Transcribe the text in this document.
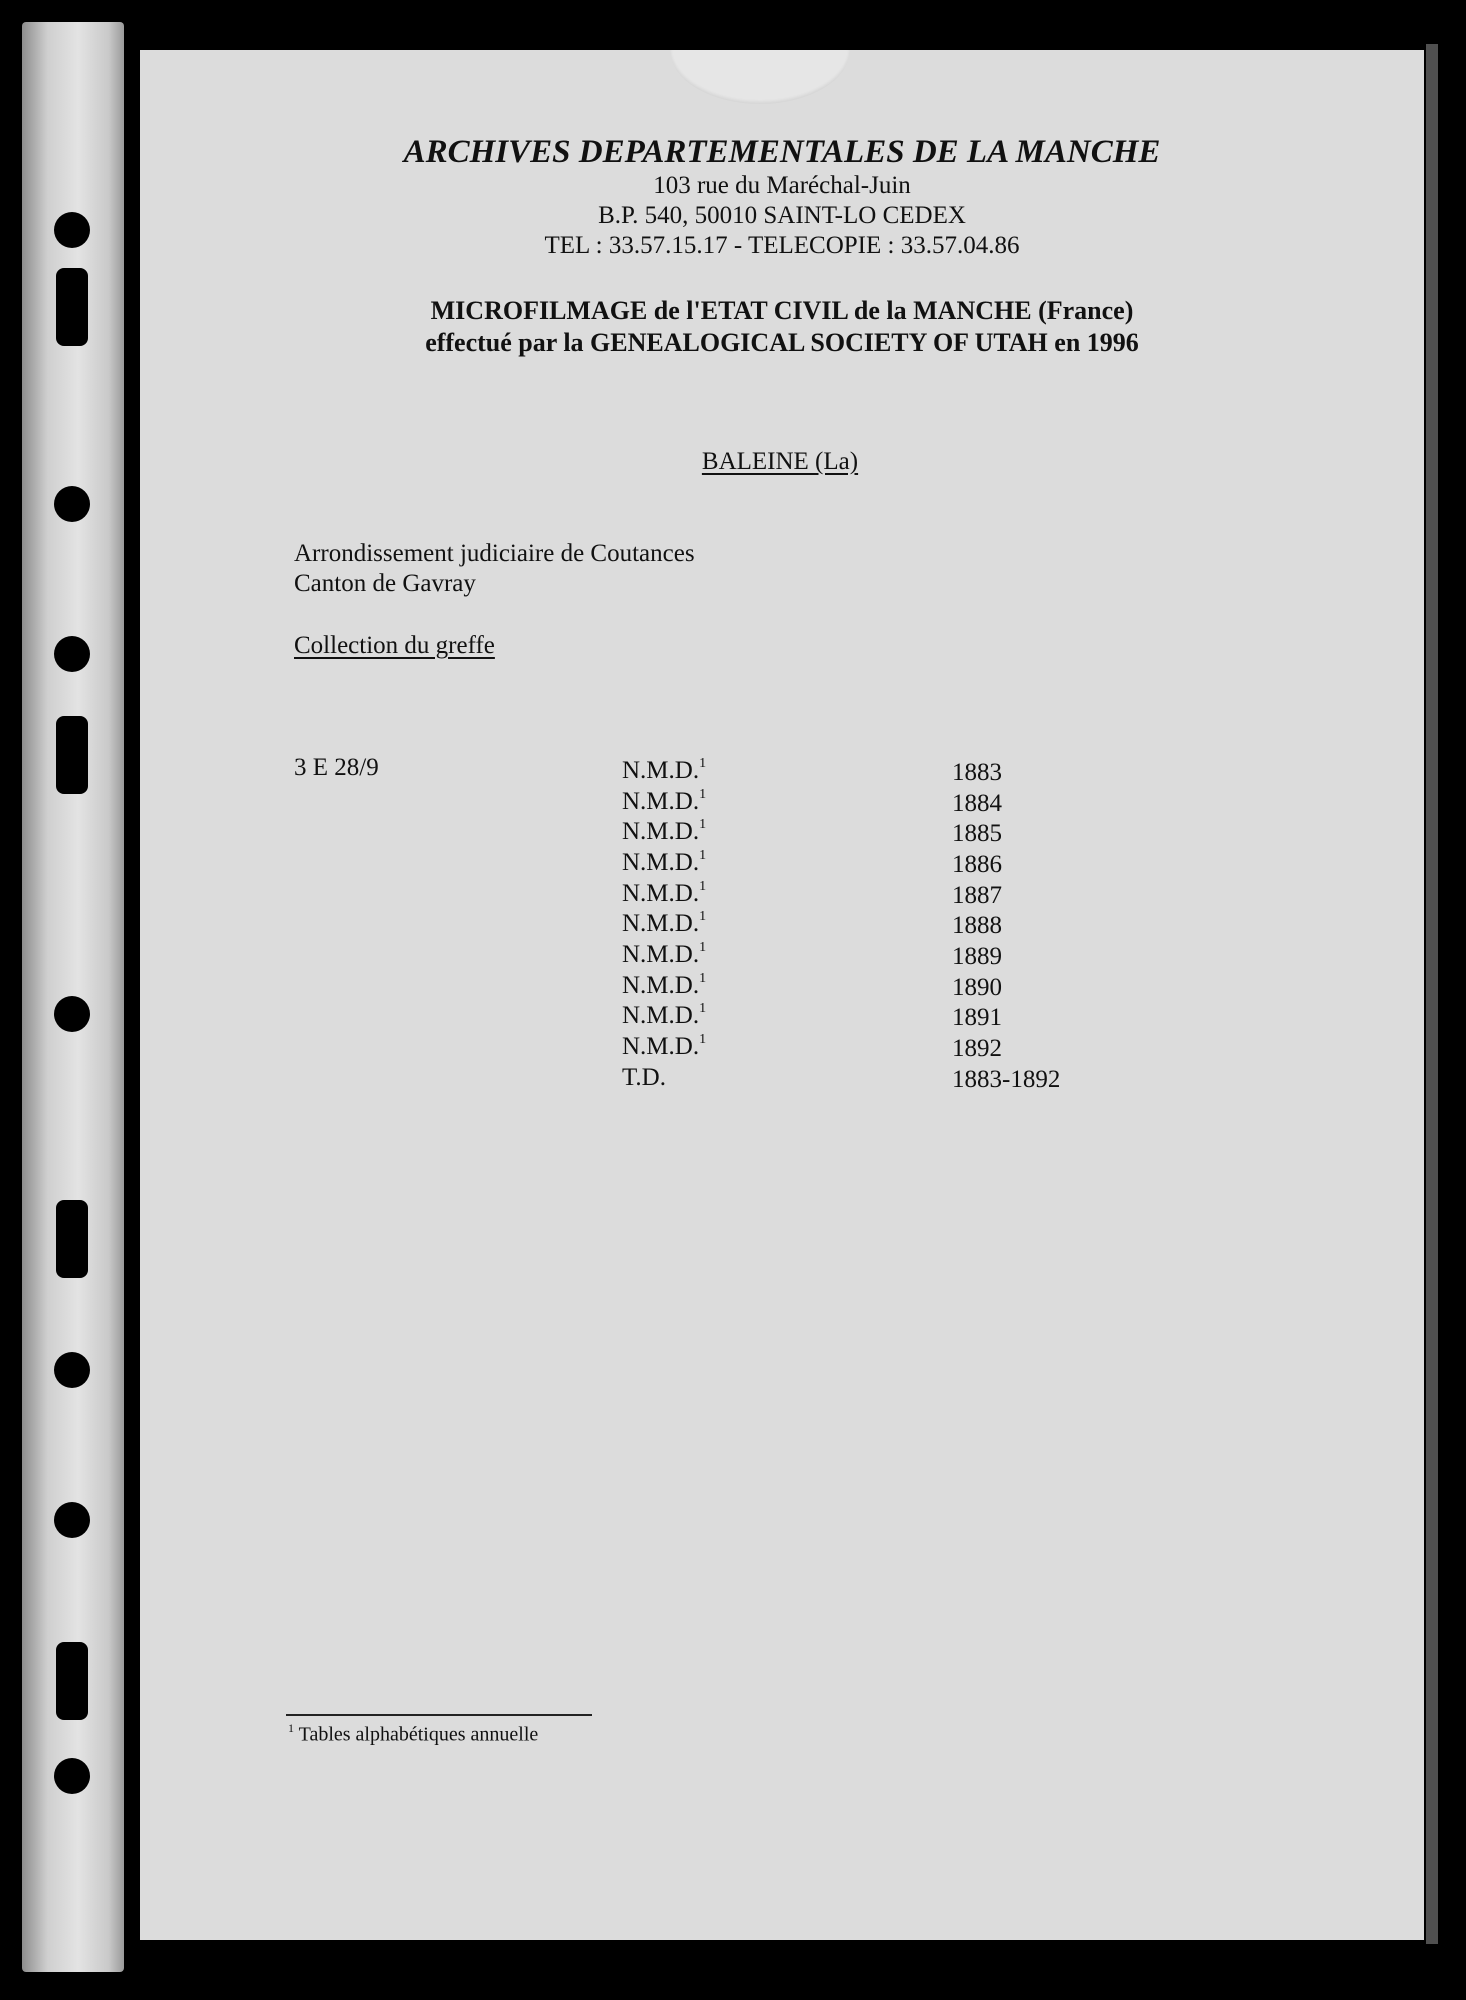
ARCHIVES DEPARTEMENTALES DE LA MANCHE
103 rue du Maréchal-Juin
B.P. 540, 50010 SAINT-LO CEDEX
TEL : 33.57.15.17 - TELECOPIE : 33.57.04.86
MICROFILMAGE de l'ETAT CIVIL de la MANCHE (France)
effectué par la GENEALOGICAL SOCIETY OF UTAH en 1996
BALEINE (La)
Arrondissement judiciaire de Coutances
Canton de Gavray
Collection du greffe
3 E 28/9	N.M.D.$^1$	1883
N.M.D.$^1$	1884
N.M.D.$^1$	1885
N.M.D.$^1$	1886
N.M.D.$^1$	1887
N.M.D.$^1$	1888
N.M.D.$^1$	1889
N.M.D.$^1$	1890
N.M.D.$^1$	1891
N.M.D.$^1$	1892
T.D.	1883-1892
$^1$ Tables alphabétiques annuelle
